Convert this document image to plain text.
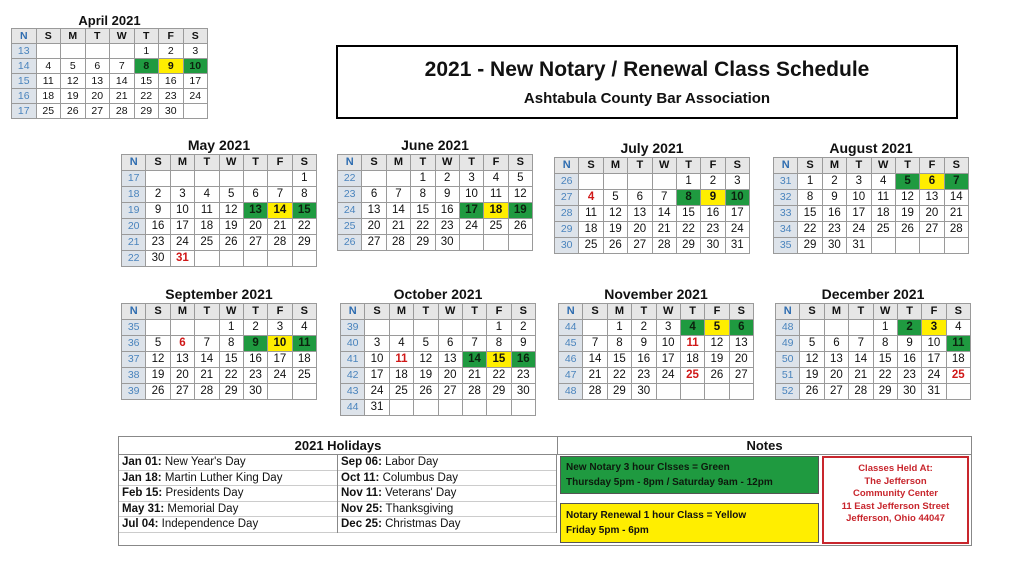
April 2021
N	S	M	T	W	T	F	S
13					1	2	3
14	4	5	6	7	8	9	10
15	11	12	13	14	15	16	17
16	18	19	20	21	22	23	24
17	25	26	27	28	29	30	
May 2021
N	S	M	T	W	T	F	S
17							1
18	2	3	4	5	6	7	8
19	9	10	11	12	13	14	15
20	16	17	18	19	20	21	22
21	23	24	25	26	27	28	29
22	30	31					
June 2021
N	S	M	T	W	T	F	S
22			1	2	3	4	5
23	6	7	8	9	10	11	12
24	13	14	15	16	17	18	19
25	20	21	22	23	24	25	26
26	27	28	29	30			
July 2021
N	S	M	T	W	T	F	S
26					1	2	3
27	4	5	6	7	8	9	10
28	11	12	13	14	15	16	17
29	18	19	20	21	22	23	24
30	25	26	27	28	29	30	31
August 2021
N	S	M	T	W	T	F	S
31	1	2	3	4	5	6	7
32	8	9	10	11	12	13	14
33	15	16	17	18	19	20	21
34	22	23	24	25	26	27	28
35	29	30	31				
September 2021
N	S	M	T	W	T	F	S
35				1	2	3	4
36	5	6	7	8	9	10	11
37	12	13	14	15	16	17	18
38	19	20	21	22	23	24	25
39	26	27	28	29	30		
October 2021
N	S	M	T	W	T	F	S
39						1	2
40	3	4	5	6	7	8	9
41	10	11	12	13	14	15	16
42	17	18	19	20	21	22	23
43	24	25	26	27	28	29	30
44	31						
November 2021
N	S	M	T	W	T	F	S
44		1	2	3	4	5	6
45	7	8	9	10	11	12	13
46	14	15	16	17	18	19	20
47	21	22	23	24	25	26	27
48	28	29	30				
December 2021
N	S	M	T	W	T	F	S
48				1	2	3	4
49	5	6	7	8	9	10	11
50	12	13	14	15	16	17	18
51	19	20	21	22	23	24	25
52	26	27	28	29	30	31	
2021 - New Notary / Renewal Class Schedule
Ashtabula County Bar Association
2021 Holidays	Notes
Jan 01: New Year's Day
Jan 18: Martin Luther King Day
Feb 15: Presidents Day
May 31: Memorial Day
Jul 04: Independence Day
Sep 06: Labor Day
Oct 11: Columbus Day
Nov 11: Veterans' Day
Nov 25: Thanksgiving
Dec 25: Christmas Day
New Notary 3 hour Clsses = Green
Thursday 5pm - 8pm / Saturday 9am - 12pm
Notary Renewal 1 hour Class = Yellow
Friday 5pm - 6pm
Classes Held At:
The Jefferson
Community Center
11 East Jefferson Street
Jefferson, Ohio 44047
